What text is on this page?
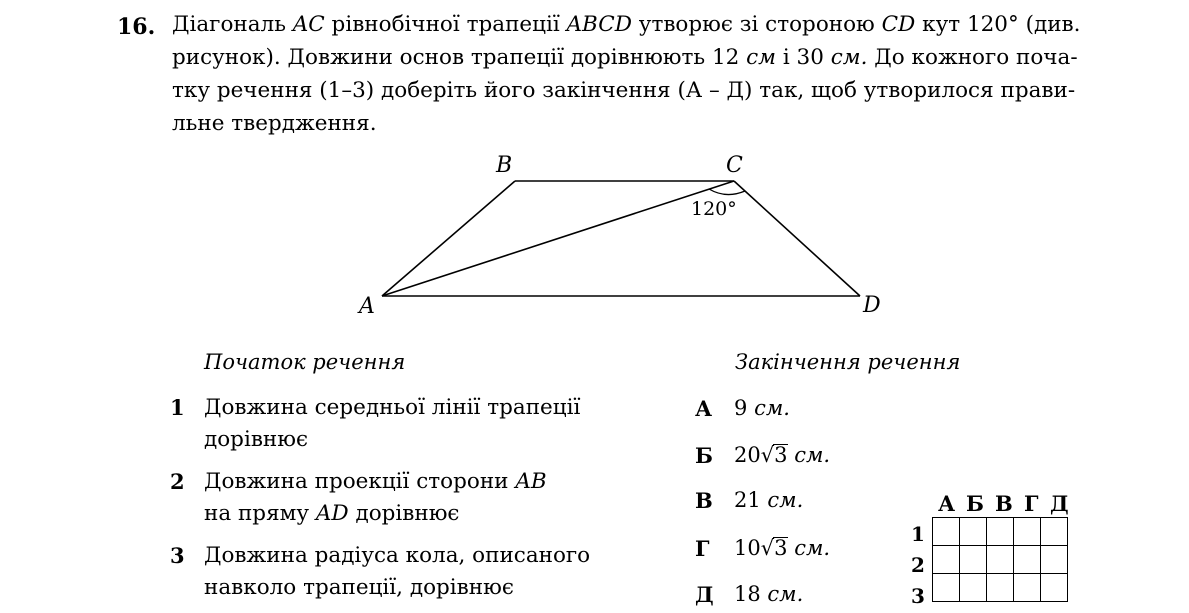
16. Діагональ AC рівнобічної трапеції ABCD утворює зі стороною CD кут 120° (див.
рисунок). Довжини основ трапеції дорівнюють 12 см і 30 см. До кожного поча-
тку речення (1–3) доберіть його закінчення (А – Д) так, щоб утворилося прави-
льне твердження.
B	C
A	D
120°
Початок речення
1 Довжина середньої лінії трапеції
дорівнює
2 Довжина проекції сторони AB
на пряму AD дорівнює
3 Довжина радіуса кола, описаного
навколо трапеції, дорівнює
Закінчення речення
А 9 см.
Б 20√3 см.
В 21 см.
Г 10√3 см.
Д 18 см.
А Б В Г Д
1
2
3
